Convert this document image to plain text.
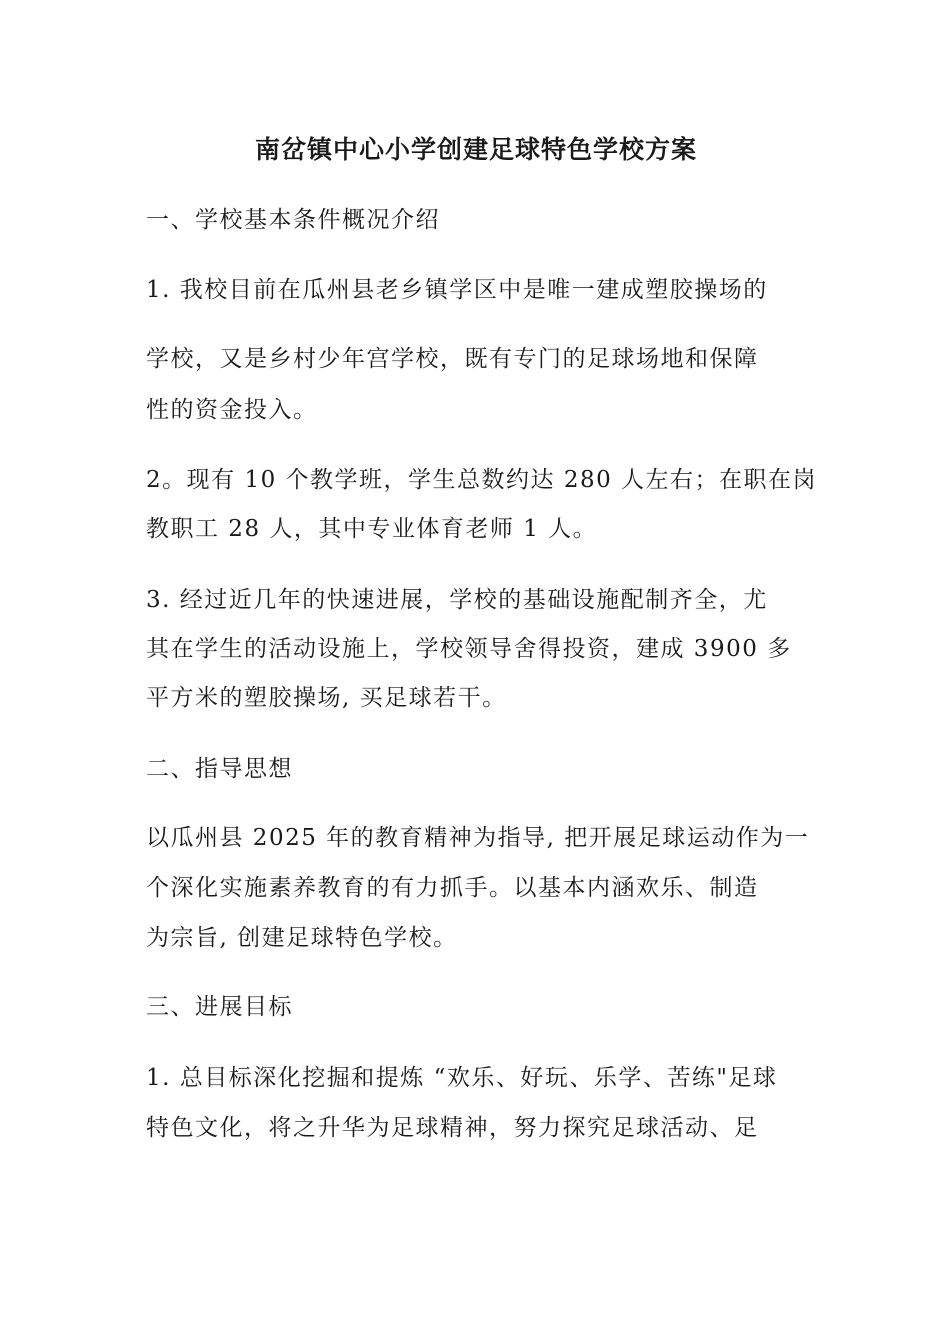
南岔镇中心小学创建足球特色学校方案
一、学校基本条件概况介绍
1. 我校目前在瓜州县老乡镇学区中是唯一建成塑胶操场的
学校，又是乡村少年宫学校，既有专门的足球场地和保障
性的资金投入。
2。现有 10 个教学班，学生总数约达 280 人左右；在职在岗
教职工 28 人，其中专业体育老师 1 人。
3. 经过近几年的快速进展，学校的基础设施配制齐全，尤
其在学生的活动设施上，学校领导舍得投资，建成 3900 多
平方米的塑胶操场, 买足球若干。
二、指导思想
以瓜州县 2025 年的教育精神为指导, 把开展足球运动作为一
个深化实施素养教育的有力抓手。以基本内涵欢乐、制造
为宗旨, 创建足球特色学校。
三、进展目标
1. 总目标深化挖掘和提炼 “欢乐、好玩、乐学、苦练"足球
特色文化，将之升华为足球精神，努力探究足球活动、足
